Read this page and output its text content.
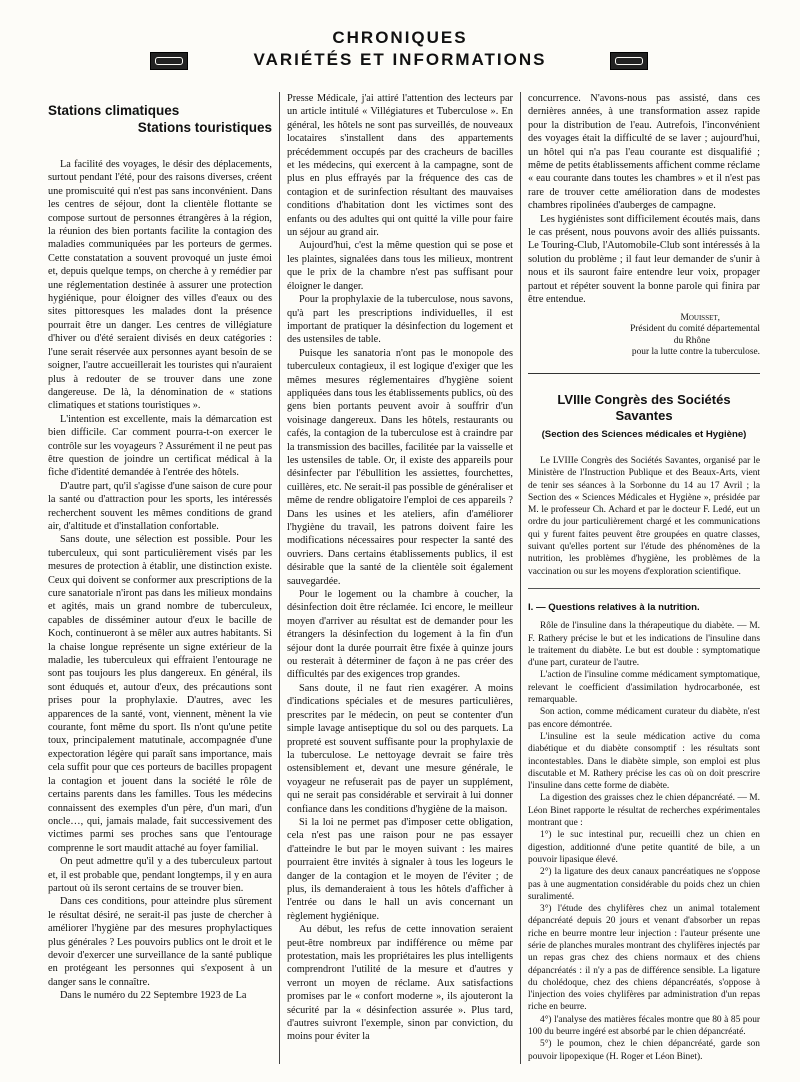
CHRONIQUES
VARIÉTÉS ET INFORMATIONS
Stations climatiques
Stations touristiques

La facilité des voyages, le désir des déplacements, surtout pendant l'été, pour des raisons diverses, créent une promiscuité qui n'est pas sans inconvénient. Dans les centres de séjour, dont la clientèle flottante se compose surtout de personnes étrangères à la région, la réunion des bien portants facilite la contagion des maladies communiquées par les porteurs de germes. Cette constatation a souvent provoqué un juste émoi et, depuis quelque temps, on cherche à y remédier par une réglementation destinée à assurer une protection hygiénique, pour éloigner des villes d'eaux ou des sites pittoresques les malades dont la présence pourrait être un danger. Les centres de villégiature d'hiver ou d'été seraient divisés en deux catégories : l'une serait réservée aux personnes ayant besoin de se soigner, l'autre accueillerait les touristes qui n'auraient plus à redouter de se trouver dans une zone dangereuse. De là, la dénomination de « stations climatiques et stations touristiques ».

L'intention est excellente, mais la démarcation est bien difficile. Car comment pourra-t-on exercer le contrôle sur les voyageurs ? Assurément il ne peut pas être question de joindre un certificat médical à la fiche d'identité demandée à l'entrée des hôtels.

D'autre part, qu'il s'agisse d'une saison de cure pour la santé ou d'attraction pour les sports, les intéressés recherchent souvent les mêmes conditions de grand air, d'altitude et d'installation confortable.

Sans doute, une sélection est possible. Pour les tuberculeux, qui sont particulièrement visés par les mesures de protection à établir, une distinction existe. Ceux qui doivent se conformer aux prescriptions de la cure sanatoriale n'iront pas dans les milieux mondains et agités, mais un grand nombre de tuberculeux, capables de disséminer autour d'eux le bacille de Koch, continueront à se mêler aux autres habitants. Si la chaise longue représente un signe extérieur de la maladie, les tuberculeux qui effraient l'entourage ne sont pas toujours les plus dangereux. En général, ils sont éduqués et, autour d'eux, des précautions sont prises pour la prophylaxie. D'autres, avec les apparences de la santé, vont, viennent, mènent la vie courante, font même du sport. Ils n'ont qu'une petite toux, principalement matutinale, accompagnée d'une expectoration légère qui paraît sans importance, mais cela suffit pour que ces porteurs de bacilles propagent la contagion et jouent dans la société le rôle de certains parents dans les familles. Tous les médecins connaissent des exemples d'un père, d'un mari, d'un oncle…, qui, jamais malade, fait successivement des victimes parmi ses proches sans que l'entourage comprenne le sort maudit attaché au foyer familial.

On peut admettre qu'il y a des tuberculeux partout et, il est probable que, pendant longtemps, il y en aura partout où ils seront certains de se trouver bien.

Dans ces conditions, pour atteindre plus sûrement le résultat désiré, ne serait-il pas juste de chercher à améliorer l'hygiène par des mesures prophylactiques plus générales ? Les pouvoirs publics ont le droit et le devoir d'exercer une surveillance de la santé publique en protégeant les personnes qui s'exposent à un danger sans le connaître.

Dans le numéro du 22 Septembre 1923 de La

Presse Médicale, j'ai attiré l'attention des lecteurs par un article intitulé « Villégiatures et Tuberculose ». En général, les hôtels ne sont pas surveillés, de nouveaux locataires s'installent dans des appartements précédemment occupés par des cracheurs de bacilles et les médecins, qui exercent à la campagne, sont de plus en plus effrayés par la fréquence des cas de contagion et de surinfection résultant des mauvaises conditions d'habitation dont les victimes sont des enfants ou des adultes qui ont quitté la ville pour faire un séjour au grand air.

Aujourd'hui, c'est la même question qui se pose et les plaintes, signalées dans tous les milieux, montrent que le prix de la chambre n'est pas suffisant pour éloigner le danger.

Pour la prophylaxie de la tuberculose, nous savons, qu'à part les prescriptions individuelles, il est important de pratiquer la désinfection du logement et des ustensiles de table.

Puisque les sanatoria n'ont pas le monopole des tuberculeux contagieux, il est logique d'exiger que les mêmes mesures réglementaires d'hygiène soient appliquées dans tous les établissements publics, où des gens bien portants peuvent avoir à souffrir d'un voisinage dangereux. Dans les hôtels, restaurants ou cafés, la contagion de la tuberculose est à craindre par la transmission des bacilles, facilitée par la vaisselle et les ustensiles de table. Or, il existe des appareils pour désinfecter par l'ébullition les assiettes, fourchettes, cuillères, etc. Ne serait-il pas possible de généraliser et même de rendre obligatoire l'emploi de ces appareils ? Dans les usines et les ateliers, afin d'améliorer l'hygiène du travail, les patrons doivent faire les modifications nécessaires pour respecter la santé des ouvriers. Dans certains établissements publics, il est désirable que la santé de la clientèle soit également sauvegardée.

Pour le logement ou la chambre à coucher, la désinfection doit être réclamée. Ici encore, le meilleur moyen d'arriver au résultat est de demander pour les étrangers la désinfection du logement à la fin d'un séjour dont la durée pourrait être fixée à quinze jours ou resterait à déterminer de façon à ne pas créer des difficultés par des exigences trop grandes.

Sans doute, il ne faut rien exagérer. A moins d'indications spéciales et de mesures particulières, prescrites par le médecin, on peut se contenter d'un simple lavage antiseptique du sol ou des parquets. La propreté est souvent suffisante pour la prophylaxie de la tuberculose. Le nettoyage devrait se faire très ostensiblement et, devant une mesure générale, le voyageur ne refuserait pas de payer un supplément, qui ne serait pas considérable et servirait à lui donner confiance dans les conditions d'hygiène de la maison.

Si la loi ne permet pas d'imposer cette obligation, cela n'est pas une raison pour ne pas essayer d'atteindre le but par le moyen suivant : les maires pourraient être invités à signaler à tous les logeurs le danger de la contagion et le moyen de l'éviter ; de plus, ils demanderaient à tous les hôtels d'afficher à l'entrée ou dans le hall un avis concernant un règlement hygiénique.

Au début, les refus de cette innovation seraient peut-être nombreux par indifférence ou même par protestation, mais les propriétaires les plus intelligents comprendront l'utilité de la mesure et d'autres y verront un moyen de réclame. Aux satisfactions promises par le « confort moderne », ils ajouteront la sécurité par la « désinfection assurée ». Plus tard, d'autres suivront l'exemple, sinon par conviction, du moins pour éviter la

concurrence. N'avons-nous pas assisté, dans ces dernières années, à une transformation assez rapide pour la distribution de l'eau. Autrefois, l'inconvénient des voyages était la difficulté de se laver ; aujourd'hui, un hôtel qui n'a pas l'eau courante est disqualifié ; même de petits établissements affichent comme réclame « eau courante dans toutes les chambres » et il n'est pas rare de trouver cette amélioration dans de modestes chambres ripolinées d'auberges de campagne.

Les hygiénistes sont difficilement écoutés mais, dans le cas présent, nous pouvons avoir des alliés puissants. Le Touring-Club, l'Automobile-Club sont intéressés à la solution du problème ; il faut leur demander de s'unir à nous et ils sauront faire entendre leur voix, propager partout et répéter souvent la bonne parole qui finira par être entendue.

Mouisset,
Président du comité départemental
du Rhône
pour la lutte contre la tuberculose.
LVIIIe Congrès des Sociétés Savantes
(Section des Sciences médicales et Hygiène)

Le LVIIIe Congrès des Sociétés Savantes, organisé par le Ministère de l'Instruction Publique et des Beaux-Arts, vient de tenir ses séances à la Sorbonne du 14 au 17 Avril ; la Section des « Sciences Médicales et Hygiène », présidée par M. le professeur Ch. Achard et par le docteur F. Ledé, eut un ordre du jour particulièrement chargé et les communications qui y furent faites peuvent être groupées en quatre classes, suivant qu'elles portent sur l'étude des phénomènes de la nutrition, les problèmes d'hygiène, les problèmes de la vaccination ou sur les moyens d'exploration scientifique.

I. — Questions relatives à la nutrition.

Rôle de l'insuline dans la thérapeutique du diabète. — M. F. Rathery précise le but et les indications de l'insuline dans le traitement du diabète. Le but est double : symptomatique d'une part, curateur de l'autre.

L'action de l'insuline comme médicament symptomatique, relevant le coefficient d'assimilation hydrocarbonée, est remarquable.

Son action, comme médicament curateur du diabète, n'est pas encore démontrée.

L'insuline est la seule médication active du coma diabétique et du diabète consomptif : les résultats sont incontestables. Dans le diabète simple, son emploi est plus discutable et M. Rathery précise les cas où on doit prescrire l'insuline dans cette forme de diabète.

La digestion des graisses chez le chien dépancréaté. — M. Léon Binet rapporte le résultat de recherches expérimentales montrant que :

1°) le suc intestinal pur, recueilli chez un chien en digestion, additionné d'une petite quantité de bile, a un pouvoir lipasique élevé.

2°) la ligature des deux canaux pancréatiques ne s'oppose pas à une augmentation considérable du poids chez un chien suralimenté.

3°) l'étude des chylifères chez un animal totalement dépancréaté depuis 20 jours et venant d'absorber un repas riche en beurre montre leur injection : l'auteur présente une série de planches murales montrant des chylifères injectés par un repas gras chez des chiens normaux et des chiens dépancréatés : il n'y a pas de différence sensible. La ligature du cholédoque, chez des chiens dépancréatés, s'oppose à l'injection des voies chylifères par administration d'un repas riche en beurre.

4°) l'analyse des matières fécales montre que 80 à 85 pour 100 du beurre ingéré est absorbé par le chien dépancréaté.

5°) le poumon, chez le chien dépancréaté, garde son pouvoir lipopexique (H. Roger et Léon Binet).
